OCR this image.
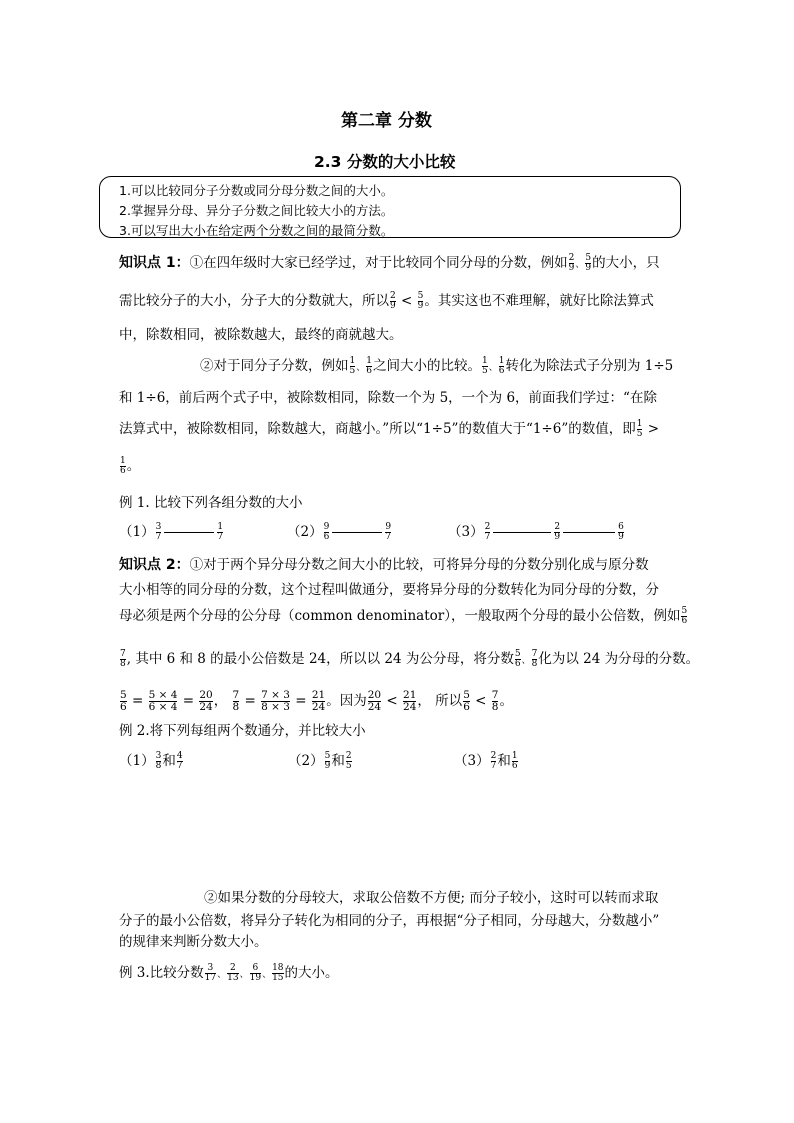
第二章 分数
2.3 分数的大小比较
1.可以比较同分子分数或同分母分数之间的大小。
2.掌握异分母、异分子分数之间比较大小的方法。
3.可以写出大小在给定两个分数之间的最简分数。
知识点 1：①在四年级时大家已经学过，对于比较同个同分母的分数，例如 $\frac{2}{9}$ 、 $\frac{5}{9}$ 的大小，只
需比较分子的大小，分子大的分数就大，所以 $\frac{2}{9} < \frac{5}{9}$ 。其实这也不难理解，就好比除法算式
中，除数相同，被除数越大，最终的商就越大。
②对于同分子分数，例如 $\frac{1}{5}$ 、 $\frac{1}{6}$ 之间大小的比较。 $\frac{1}{5}$ 、 $\frac{1}{6}$ 转化为除法式子分别为 1÷5
和 1÷6，前后两个式子中，被除数相同，除数一个为 5，一个为 6，前面我们学过：“在除
法算式中，被除数相同，除数越大，商越小。”所以“1÷5”的数值大于“1÷6”的数值，即 $\frac{1}{5}$ >
$\frac{1}{6}$ 。
例 1. 比较下列各组分数的大小
$(1) \frac{3}{7}$	$\frac{1}{7}$	$(2) \frac{9}{6}$	$\frac{9}{7}$	$(3) \frac{2}{7}$	$\frac{2}{9}$	$\frac{6}{9}$
知识点 2：①对于两个异分母分数之间大小的比较，可将异分母的分数分别化成与原分数
大小相等的同分母的分数，这个过程叫做通分，要将异分母的分数转化为同分母的分数，分
母必须是两个分母的公分母（common denominator），一般取两个分母的最小公倍数，例如 $\frac{5}{6}$
$\frac{7}{8}$ , 其中 6 和 8 的最小公倍数是 24，所以以 24 为公分母，将分数 $\frac{5}{6}$ 、 $\frac{7}{8}$ 化为以 24 为分母的分数。
$\frac{5}{6} = \frac{5 \times 4}{6 \times 4} = \frac{20}{24}$ ， $\frac{7}{8} = \frac{7 \times 3}{8 \times 3} = \frac{21}{24}$ 。因为 $\frac{20}{24} < \frac{21}{24}$ ， 所以 $\frac{5}{6} < \frac{7}{8}$ 。
例 2.将下列每组两个数通分，并比较大小
$(1) \frac{3}{8}$ 和 $\frac{4}{7}$	$(2) \frac{5}{9}$ 和 $\frac{2}{5}$	$(3) \frac{2}{7}$ 和 $\frac{1}{6}$
②如果分数的分母较大，求取公倍数不方便; 而分子较小，这时可以转而求取
分子的最小公倍数，将异分子转化为相同的分子，再根据“分子相同，分母越大，分数越小”
的规律来判断分数大小。
例 3.比较分数 $\frac{3}{17}$ 、 $\frac{2}{13}$ 、 $\frac{6}{19}$ 、 $\frac{18}{15}$ 的大小。
